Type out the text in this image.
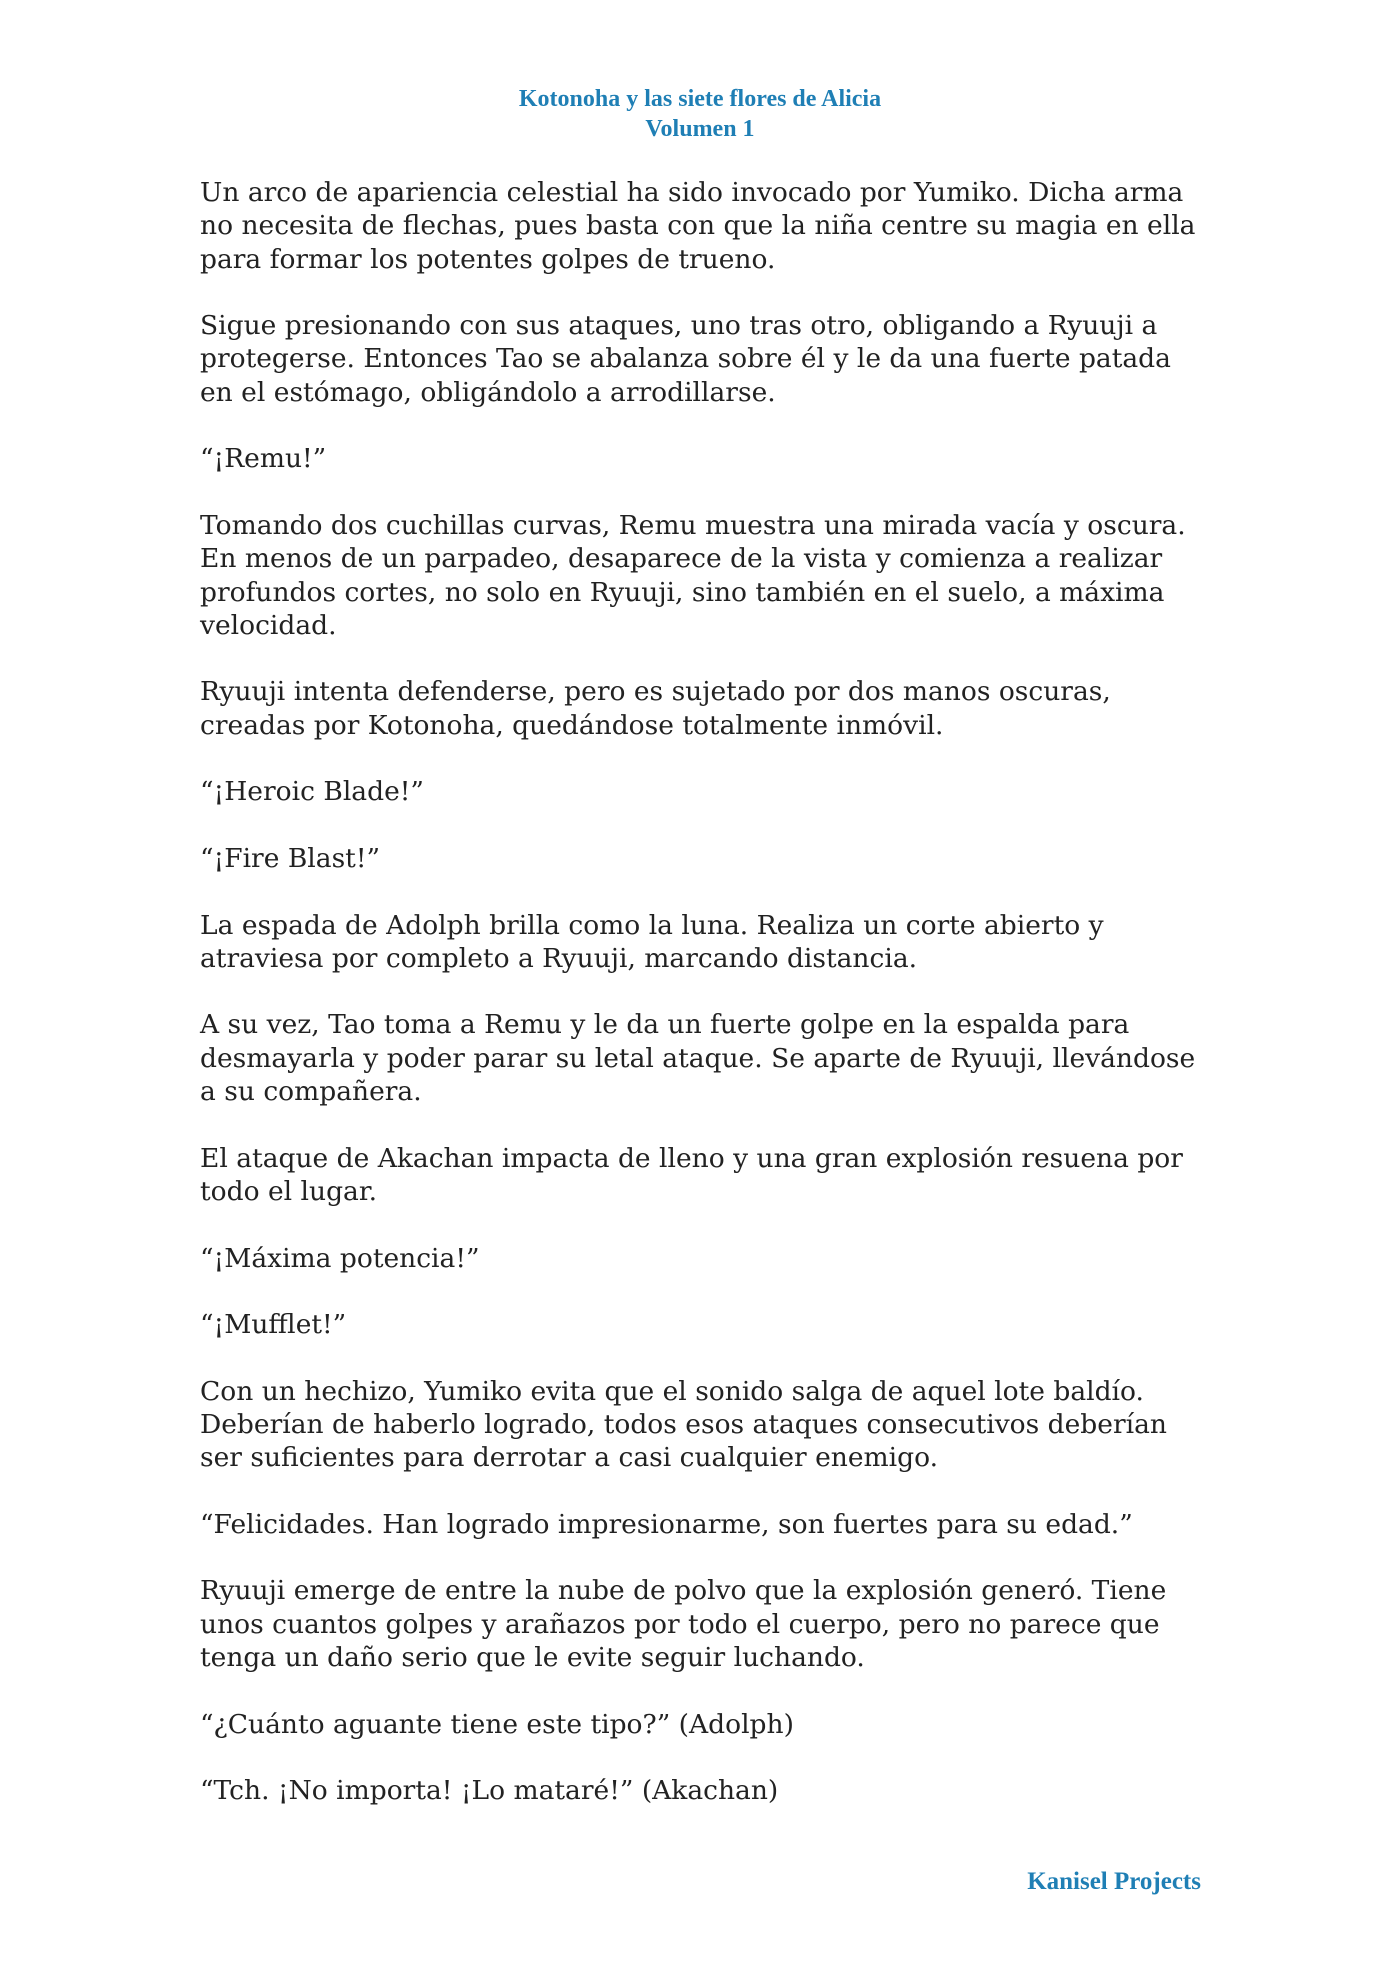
Kotonoha y las siete flores de Alicia
Volumen 1

Un arco de apariencia celestial ha sido invocado por Yumiko. Dicha arma no necesita de flechas, pues basta con que la niña centre su magia en ella para formar los potentes golpes de trueno.

Sigue presionando con sus ataques, uno tras otro, obligando a Ryuuji a protegerse. Entonces Tao se abalanza sobre él y le da una fuerte patada en el estómago, obligándolo a arrodillarse.

“¡Remu!”

Tomando dos cuchillas curvas, Remu muestra una mirada vacía y oscura. En menos de un parpadeo, desaparece de la vista y comienza a realizar profundos cortes, no solo en Ryuuji, sino también en el suelo, a máxima velocidad.

Ryuuji intenta defenderse, pero es sujetado por dos manos oscuras, creadas por Kotonoha, quedándose totalmente inmóvil.

“¡Heroic Blade!”

“¡Fire Blast!”

La espada de Adolph brilla como la luna. Realiza un corte abierto y atraviesa por completo a Ryuuji, marcando distancia.

A su vez, Tao toma a Remu y le da un fuerte golpe en la espalda para desmayarla y poder parar su letal ataque. Se aparte de Ryuuji, llevándose a su compañera.

El ataque de Akachan impacta de lleno y una gran explosión resuena por todo el lugar.

“¡Máxima potencia!”

“¡Mufflet!”

Con un hechizo, Yumiko evita que el sonido salga de aquel lote baldío. Deberían de haberlo logrado, todos esos ataques consecutivos deberían ser suficientes para derrotar a casi cualquier enemigo.

“Felicidades. Han logrado impresionarme, son fuertes para su edad.”

Ryuuji emerge de entre la nube de polvo que la explosión generó. Tiene unos cuantos golpes y arañazos por todo el cuerpo, pero no parece que tenga un daño serio que le evite seguir luchando.

“¿Cuánto aguante tiene este tipo?” (Adolph)

“Tch. ¡No importa! ¡Lo mataré!” (Akachan)

Kanisel Projects
